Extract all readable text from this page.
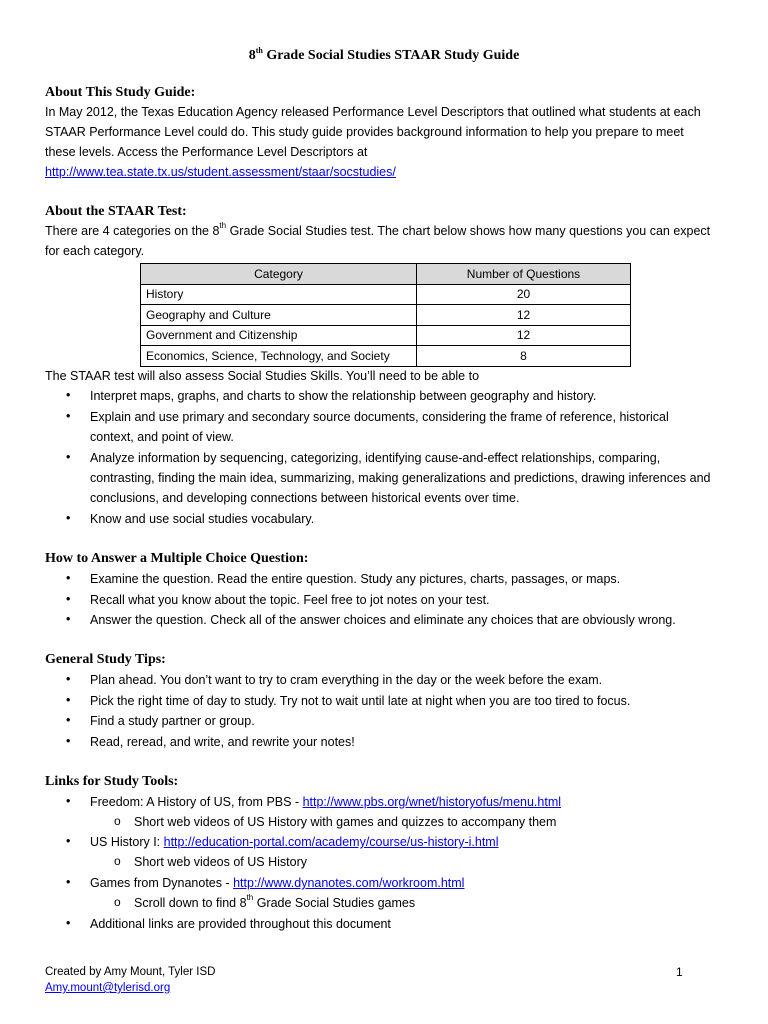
8th Grade Social Studies STAAR Study Guide
About This Study Guide:
In May 2012, the Texas Education Agency released Performance Level Descriptors that outlined what students at each
STAAR Performance Level could do. This study guide provides background information to help you prepare to meet
these levels. Access the Performance Level Descriptors at
http://www.tea.state.tx.us/student.assessment/staar/socstudies/
About the STAAR Test:
There are 4 categories on the 8th Grade Social Studies test. The chart below shows how many questions you can expect
for each category.
Category	Number of Questions
History	20
Geography and Culture	12
Government and Citizenship	12
Economics, Science, Technology, and Society	8
The STAAR test will also assess Social Studies Skills. You’ll need to be able to
• Interpret maps, graphs, and charts to show the relationship between geography and history.
• Explain and use primary and secondary source documents, considering the frame of reference, historical
context, and point of view.
• Analyze information by sequencing, categorizing, identifying cause-and-effect relationships, comparing,
contrasting, finding the main idea, summarizing, making generalizations and predictions, drawing inferences and
conclusions, and developing connections between historical events over time.
• Know and use social studies vocabulary.
How to Answer a Multiple Choice Question:
• Examine the question. Read the entire question. Study any pictures, charts, passages, or maps.
• Recall what you know about the topic. Feel free to jot notes on your test.
• Answer the question. Check all of the answer choices and eliminate any choices that are obviously wrong.
General Study Tips:
• Plan ahead. You don’t want to try to cram everything in the day or the week before the exam.
• Pick the right time of day to study. Try not to wait until late at night when you are too tired to focus.
• Find a study partner or group.
• Read, reread, and write, and rewrite your notes!
Links for Study Tools:
• Freedom: A History of US, from PBS - http://www.pbs.org/wnet/historyofus/menu.html
o Short web videos of US History with games and quizzes to accompany them
• US History I: http://education-portal.com/academy/course/us-history-i.html
o Short web videos of US History
• Games from Dynanotes - http://www.dynanotes.com/workroom.html
o Scroll down to find 8th Grade Social Studies games
• Additional links are provided throughout this document
Created by Amy Mount, Tyler ISD
Amy.mount@tylerisd.org
1
